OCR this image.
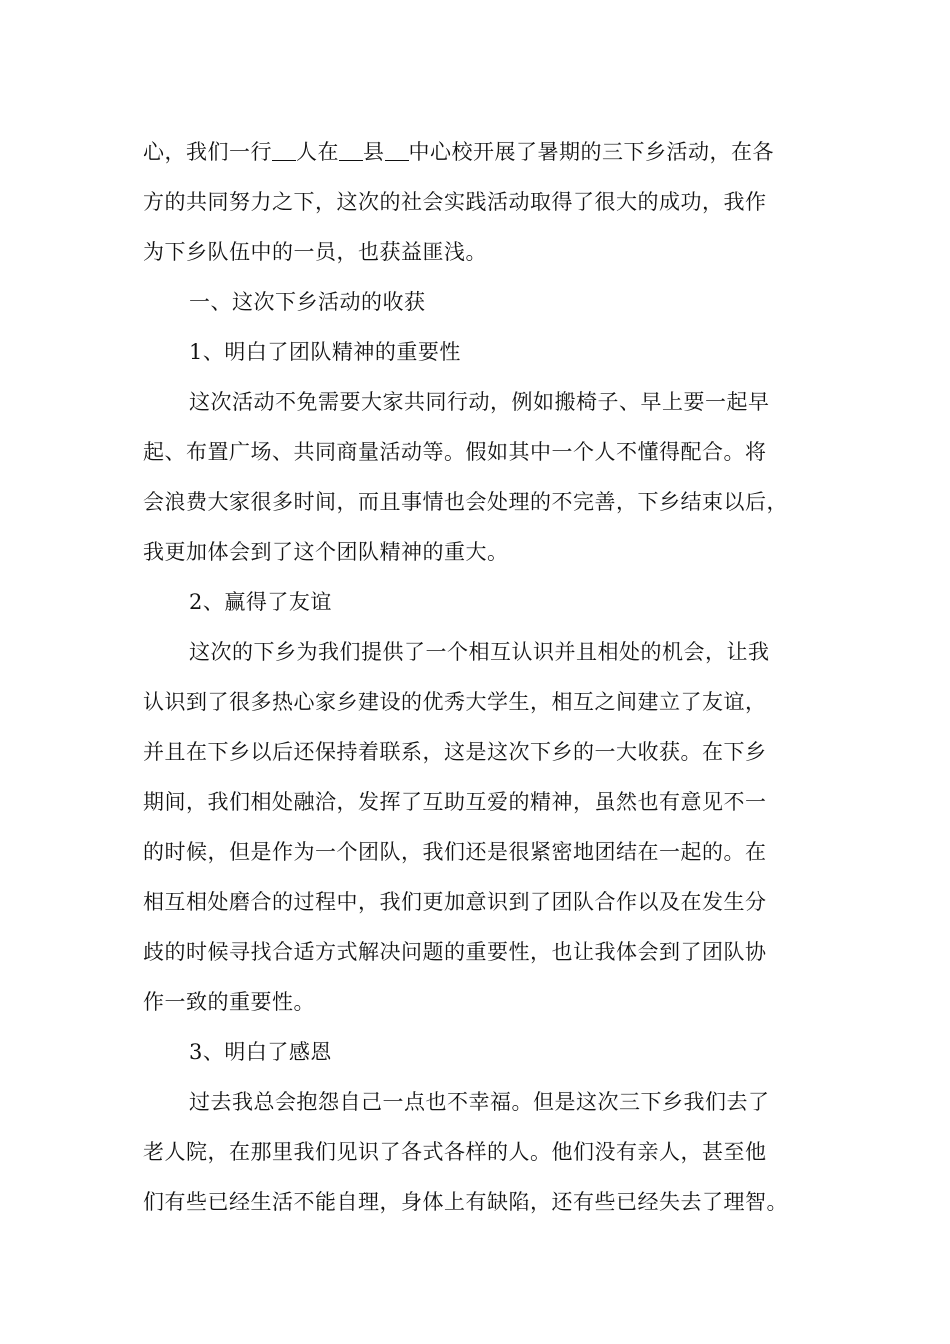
心，我们一行 人在 县 中心校开展了暑期的三下乡活动，在各
方的共同努力之下，这次的社会实践活动取得了很大的成功，我作
为下乡队伍中的一员，也获益匪浅。
一、这次下乡活动的收获
1、明白了团队精神的重要性
这次活动不免需要大家共同行动，例如搬椅子、早上要一起早
起、布置广场、共同商量活动等。假如其中一个人不懂得配合。将
会浪费大家很多时间，而且事情也会处理的不完善，下乡结束以后，
我更加体会到了这个团队精神的重大。
2、赢得了友谊
这次的下乡为我们提供了一个相互认识并且相处的机会，让我
认识到了很多热心家乡建设的优秀大学生，相互之间建立了友谊，
并且在下乡以后还保持着联系，这是这次下乡的一大收获。在下乡
期间，我们相处融洽，发挥了互助互爱的精神，虽然也有意见不一
的时候，但是作为一个团队，我们还是很紧密地团结在一起的。在
相互相处磨合的过程中，我们更加意识到了团队合作以及在发生分
歧的时候寻找合适方式解决问题的重要性，也让我体会到了团队协
作一致的重要性。
3、明白了感恩
过去我总会抱怨自己一点也不幸福。但是这次三下乡我们去了
老人院，在那里我们见识了各式各样的人。他们没有亲人，甚至他
们有些已经生活不能自理，身体上有缺陷，还有些已经失去了理智。
